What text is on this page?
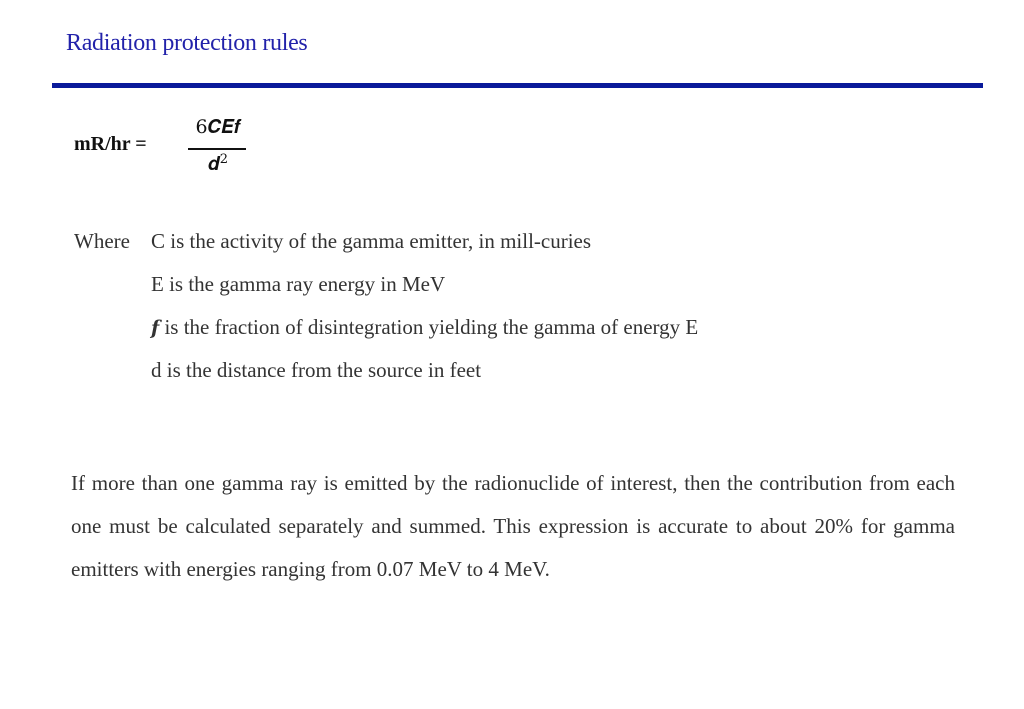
Radiation protection rules
mR/hr =
6𝑪𝑬𝒇
𝒅$^2$
Where C is the activity of the gamma emitter, in mill-curies
E is the gamma ray energy in MeV
𝒇 is the fraction of disintegration yielding the gamma of energy E
d is the distance from the source in feet
If more than one gamma ray is emitted by the radionuclide of interest, then the contribution from each one must be calculated separately and summed. This expression is accurate to about 20% for gamma emitters with energies ranging from 0.07 MeV to 4 MeV.
